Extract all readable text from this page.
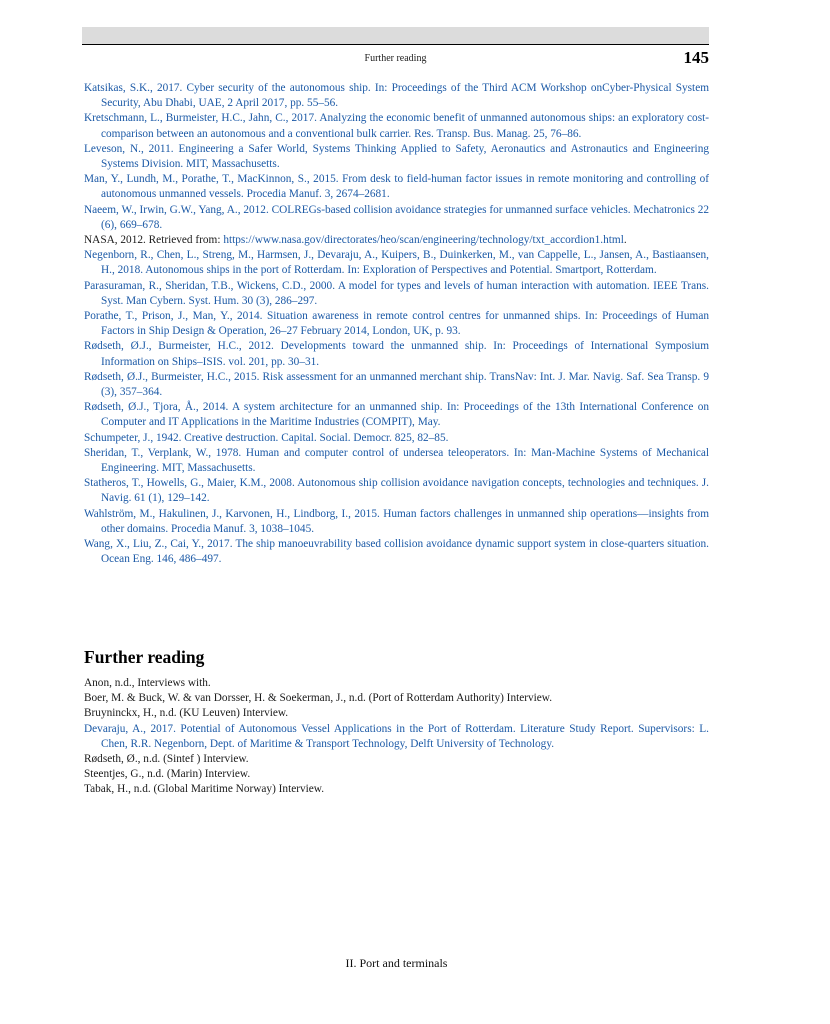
Further reading	145

Katsikas, S.K., 2017. Cyber security of the autonomous ship. In: Proceedings of the Third ACM Workshop onCyber-Physical System Security, Abu Dhabi, UAE, 2 April 2017, pp. 55–56.

Kretschmann, L., Burmeister, H.C., Jahn, C., 2017. Analyzing the economic benefit of unmanned autonomous ships: an exploratory cost-comparison between an autonomous and a conventional bulk carrier. Res. Transp. Bus. Manag. 25, 76–86.

Leveson, N., 2011. Engineering a Safer World, Systems Thinking Applied to Safety, Aeronautics and Astronautics and Engineering Systems Division. MIT, Massachusetts.

Man, Y., Lundh, M., Porathe, T., MacKinnon, S., 2015. From desk to field-human factor issues in remote monitoring and controlling of autonomous unmanned vessels. Procedia Manuf. 3, 2674–2681.

Naeem, W., Irwin, G.W., Yang, A., 2012. COLREGs-based collision avoidance strategies for unmanned surface vehicles. Mechatronics 22 (6), 669–678.

NASA, 2012. Retrieved from: https://www.nasa.gov/directorates/heo/scan/engineering/technology/txt_accordion1.html.

Negenborn, R., Chen, L., Streng, M., Harmsen, J., Devaraju, A., Kuipers, B., Duinkerken, M., van Cappelle, L., Jansen, A., Bastiaansen, H., 2018. Autonomous ships in the port of Rotterdam. In: Exploration of Perspectives and Potential. Smartport, Rotterdam.

Parasuraman, R., Sheridan, T.B., Wickens, C.D., 2000. A model for types and levels of human interaction with automation. IEEE Trans. Syst. Man Cybern. Syst. Hum. 30 (3), 286–297.

Porathe, T., Prison, J., Man, Y., 2014. Situation awareness in remote control centres for unmanned ships. In: Proceedings of Human Factors in Ship Design & Operation, 26–27 February 2014, London, UK, p. 93.

Rødseth, Ø.J., Burmeister, H.C., 2012. Developments toward the unmanned ship. In: Proceedings of International Symposium Information on Ships–ISIS. vol. 201, pp. 30–31.

Rødseth, Ø.J., Burmeister, H.C., 2015. Risk assessment for an unmanned merchant ship. TransNav: Int. J. Mar. Navig. Saf. Sea Transp. 9 (3), 357–364.

Rødseth, Ø.J., Tjora, Å., 2014. A system architecture for an unmanned ship. In: Proceedings of the 13th International Conference on Computer and IT Applications in the Maritime Industries (COMPIT), May.

Schumpeter, J., 1942. Creative destruction. Capital. Social. Democr. 825, 82–85.

Sheridan, T., Verplank, W., 1978. Human and computer control of undersea teleoperators. In: Man-Machine Systems of Mechanical Engineering. MIT, Massachusetts.

Statheros, T., Howells, G., Maier, K.M., 2008. Autonomous ship collision avoidance navigation concepts, technologies and techniques. J. Navig. 61 (1), 129–142.

Wahlström, M., Hakulinen, J., Karvonen, H., Lindborg, I., 2015. Human factors challenges in unmanned ship operations—insights from other domains. Procedia Manuf. 3, 1038–1045.

Wang, X., Liu, Z., Cai, Y., 2017. The ship manoeuvrability based collision avoidance dynamic support system in close-quarters situation. Ocean Eng. 146, 486–497.

Further reading

Anon, n.d., Interviews with.

Boer, M. & Buck, W. & van Dorsser, H. & Soekerman, J., n.d. (Port of Rotterdam Authority) Interview.

Bruyninckx, H., n.d. (KU Leuven) Interview.

Devaraju, A., 2017. Potential of Autonomous Vessel Applications in the Port of Rotterdam. Literature Study Report. Supervisors: L. Chen, R.R. Negenborn, Dept. of Maritime & Transport Technology, Delft University of Technology.

Rødseth, Ø., n.d. (Sintef ) Interview.

Steentjes, G., n.d. (Marin) Interview.

Tabak, H., n.d. (Global Maritime Norway) Interview.

II. Port and terminals
